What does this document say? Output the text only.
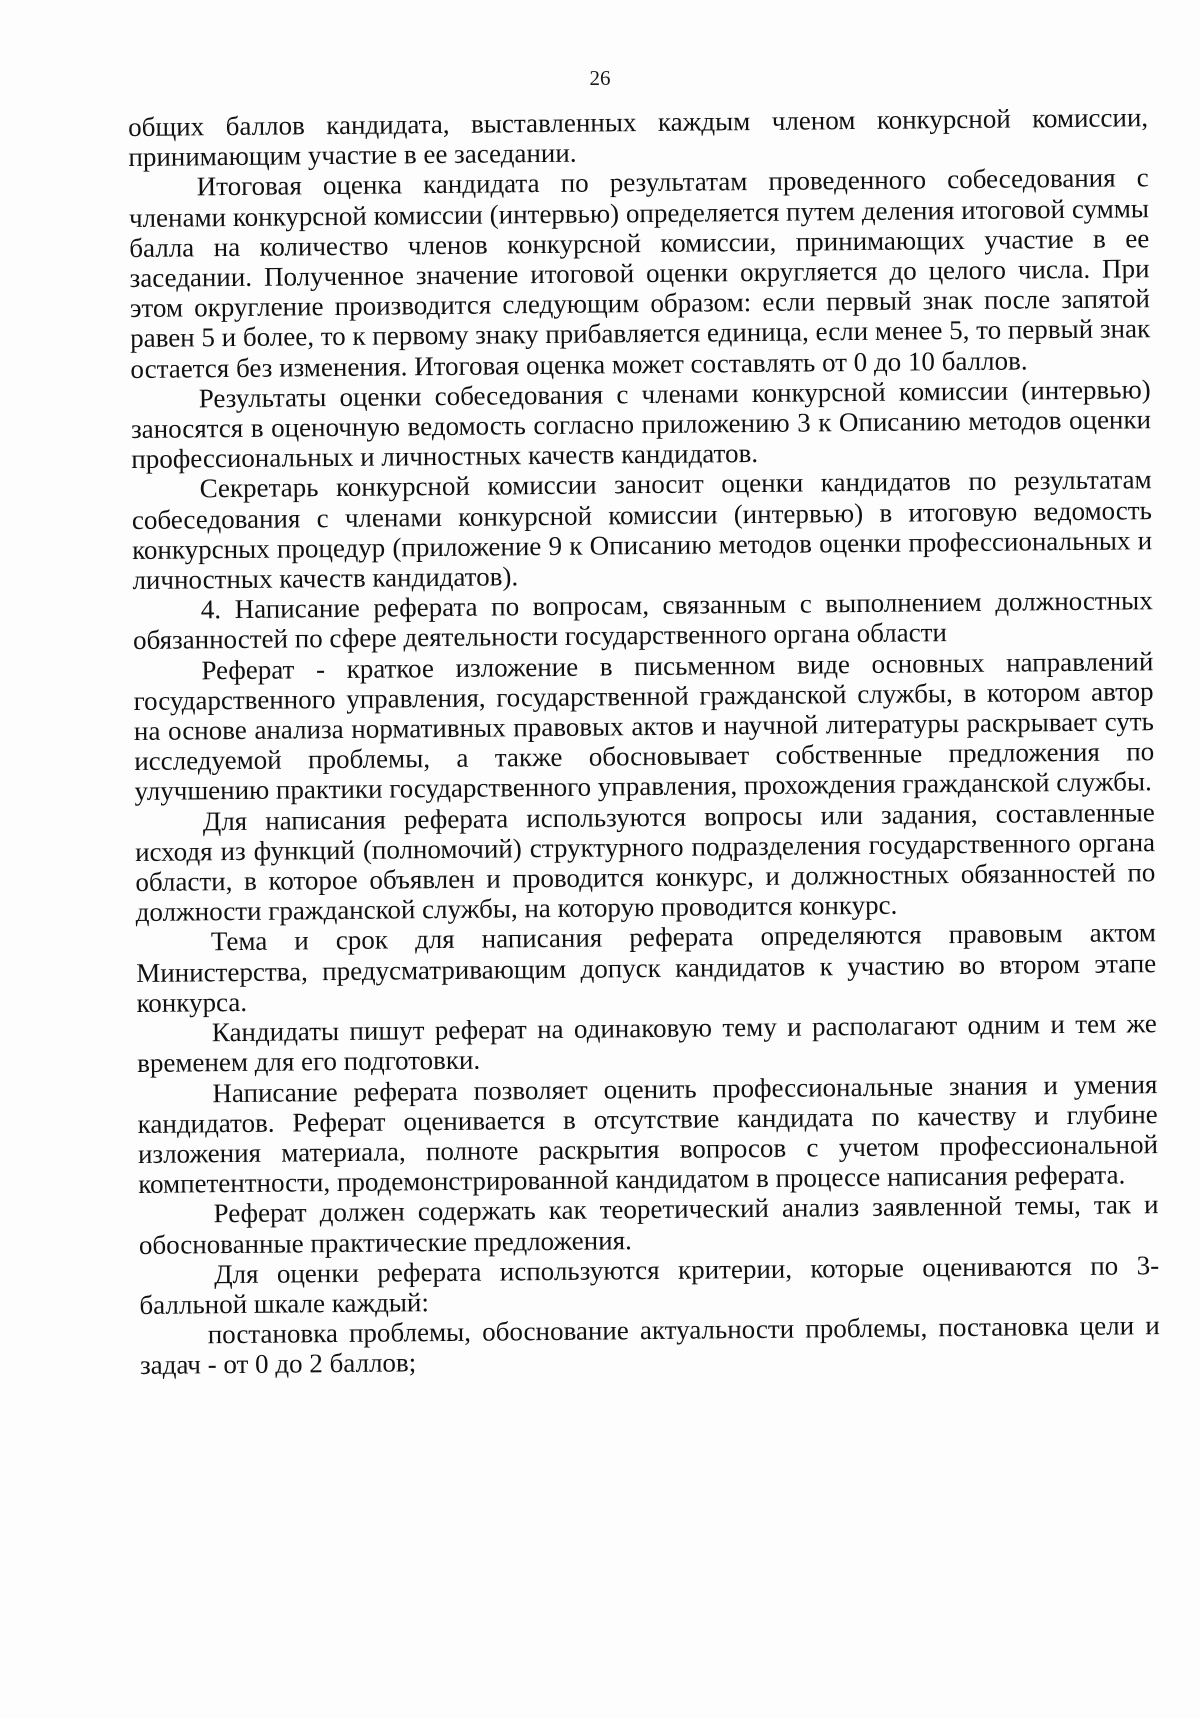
26

общих баллов кандидата, выставленных каждым членом конкурсной комиссии, принимающим участие в ее заседании.

Итоговая оценка кандидата по результатам проведенного собеседования с членами конкурсной комиссии (интервью) определяется путем деления итоговой суммы балла на количество членов конкурсной комиссии, принимающих участие в ее заседании. Полученное значение итоговой оценки округляется до целого числа. При этом округление производится следующим образом: если первый знак после запятой равен 5 и более, то к первому знаку прибавляется единица, если менее 5, то первый знак остается без изменения. Итоговая оценка может составлять от 0 до 10 баллов.

Результаты оценки собеседования с членами конкурсной комиссии (интервью) заносятся в оценочную ведомость согласно приложению 3 к Описанию методов оценки профессиональных и личностных качеств кандидатов.

Секретарь конкурсной комиссии заносит оценки кандидатов по результатам собеседования с членами конкурсной комиссии (интервью) в итоговую ведомость конкурсных процедур (приложение 9 к Описанию методов оценки профессиональных и личностных качеств кандидатов).

4. Написание реферата по вопросам, связанным с выполнением должностных обязанностей по сфере деятельности государственного органа области

Реферат - краткое изложение в письменном виде основных направлений государственного управления, государственной гражданской службы, в котором автор на основе анализа нормативных правовых актов и научной литературы раскрывает суть исследуемой проблемы, а также обосновывает собственные предложения по улучшению практики государственного управления, прохождения гражданской службы.

Для написания реферата используются вопросы или задания, составленные исходя из функций (полномочий) структурного подразделения государственного органа области, в которое объявлен и проводится конкурс, и должностных обязанностей по должности гражданской службы, на которую проводится конкурс.

Тема и срок для написания реферата определяются правовым актом Министерства, предусматривающим допуск кандидатов к участию во втором этапе конкурса.

Кандидаты пишут реферат на одинаковую тему и располагают одним и тем же временем для его подготовки.

Написание реферата позволяет оценить профессиональные знания и умения кандидатов. Реферат оценивается в отсутствие кандидата по качеству и глубине изложения материала, полноте раскрытия вопросов с учетом профессиональной компетентности, продемонстрированной кандидатом в процессе написания реферата.

Реферат должен содержать как теоретический анализ заявленной темы, так и обоснованные практические предложения.

Для оценки реферата используются критерии, которые оцениваются по 3-балльной шкале каждый:

постановка проблемы, обоснование актуальности проблемы, постановка цели и задач - от 0 до 2 баллов;
